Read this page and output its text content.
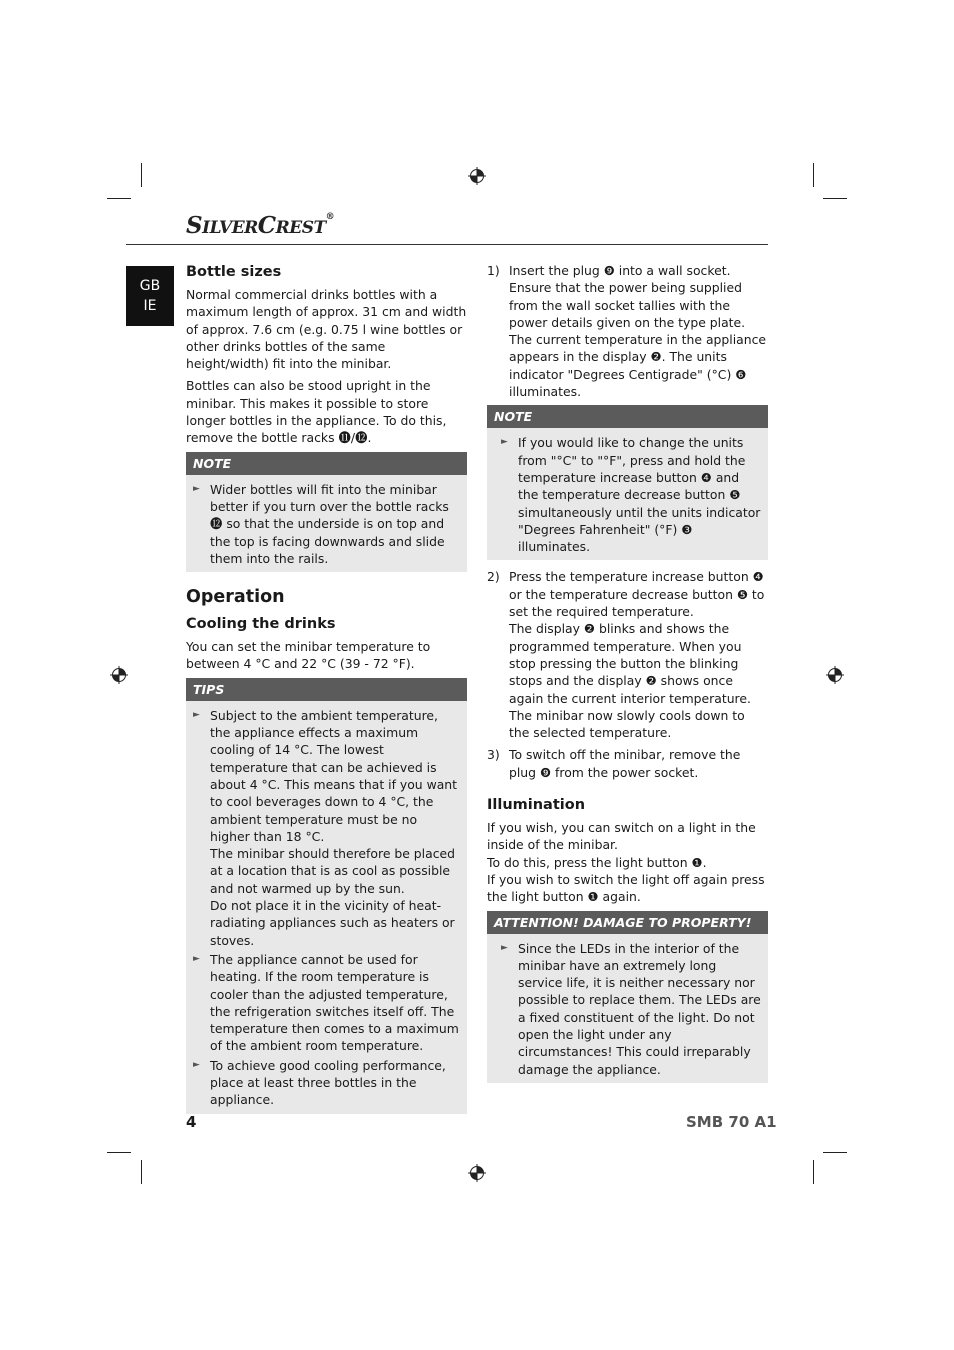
SILVERCREST®
GB
IE
Bottle sizes

Normal commercial drinks bottles with a maximum length of approx. 31 cm and width of approx. 7.6 cm (e.g. 0.75 l wine bottles or other drinks bottles of the same height/width) fit into the minibar.

Bottles can also be stood upright in the minibar. This makes it possible to store longer bottles in the appliance. To do this, remove the bottle racks ⓫/⓬.

NOTE
► Wider bottles will fit into the minibar better if you turn over the bottle racks ⓬ so that the underside is on top and the top is facing downwards and slide them into the rails.
Operation
Cooling the drinks

You can set the minibar temperature to between 4 °C and 22 °C (39 - 72 °F).

TIPS
► Subject to the ambient temperature, the appliance effects a maximum cooling of 14 °C. The lowest temperature that can be achieved is about 4 °C. This means that if you want to cool beverages down to 4 °C, the ambient temperature must be no higher than 18 °C.
The minibar should therefore be placed at a location that is as cool as possible and not warmed up by the sun.
Do not place it in the vicinity of heat-radiating appliances such as heaters or stoves.
► The appliance cannot be used for heating. If the room temperature is cooler than the adjusted temperature, the refrigeration switches itself off. The temperature then comes to a maximum of the ambient room temperature.
► To achieve good cooling performance, place at least three bottles in the appliance.
1) Insert the plug ❾ into a wall socket.
Ensure that the power being supplied from the wall socket tallies with the power details given on the type plate.
The current temperature in the appliance appears in the display ❷. The units indicator "Degrees Centigrade" (°C) ❻ illuminates.
NOTE
► If you would like to change the units from "°C" to "°F", press and hold the temperature increase button ❹ and the temperature decrease button ❺ simultaneously until the units indicator "Degrees Fahrenheit" (°F) ❸ illuminates.
2) Press the temperature increase button ❹ or the temperature decrease button ❺ to set the required temperature.
The display ❷ blinks and shows the programmed temperature. When you stop pressing the button the blinking stops and the display ❷ shows once again the current interior temperature. The minibar now slowly cools down to the selected temperature.
3) To switch off the minibar, remove the plug ❾ from the power socket.
Illumination

If you wish, you can switch on a light in the inside of the minibar.
To do this, press the light button ❶.
If you wish to switch the light off again press the light button ❶ again.

ATTENTION! DAMAGE TO PROPERTY!
► Since the LEDs in the interior of the minibar have an extremely long service life, it is neither necessary nor possible to replace them. The LEDs are a fixed constituent of the light. Do not open the light under any circumstances! This could irreparably damage the appliance.
4	SMB 70 A1
